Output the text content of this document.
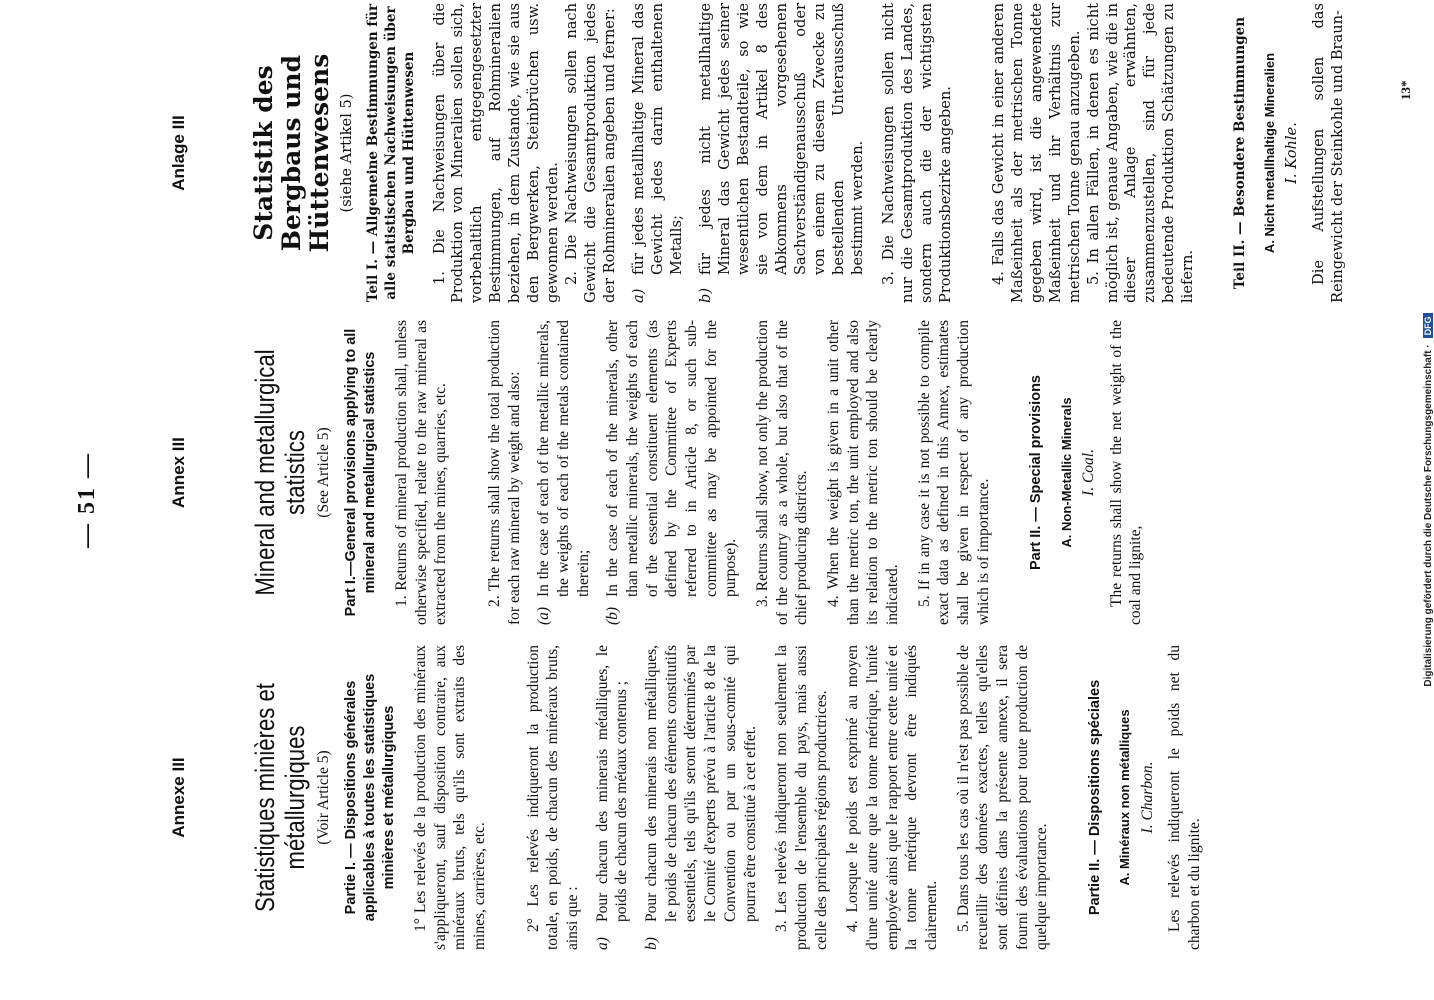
— 51 —
Annexe III Statistiques minières et métallurgiques (Voir Article 5) Partie I. — Dispositions générales applicables à toutes les statistiques minières et métallurgiques 1° Les relevés de la production des minéraux s'appliqueront, sauf disposition contraire, aux minéraux bruts, tels qu'ils sont extraits des mines, carrières, etc. 2° Les relevés indiqueront la production totale, en poids, de chacun des minéraux bruts, ainsi que : a)
Pour chacun des minerais métalliques, le poids de chacun des métaux contenus ;
b)
Pour chacun des minerais non métalliques, le poids de chacun des éléments constitutifs essentiels, tels qu'ils seront déterminés par le Comité d'experts prévu à l'article 8 de la Convention ou par un sous-comité qui pourra être constitué à cet effet. 3. Les relevés indiqueront non seulement la production de l'ensemble du pays, mais aussi celle des principales régions productrices. 4. Lorsque le poids est exprimé au moyen d'une unité autre que la tonne métrique, l'unité employée ainsi que le rapport entre cette unité et la tonne métrique devront être indiqués clairement. 5. Dans tous les cas où il n'est pas possible de recueillir des données exactes, telles qu'elles sont définies dans la présente annexe, il sera fourni des évaluations pour toute production de quelque importance.	Partie II. — Dispositions spéciales A. Minéraux non métalliques I. Charbon. Les relevés indiqueront le poids net du charbon et du lignite.

Annex III Mineral and metallurgical statistics (See Article 5) Part I.—General provisions applying to all mineral and metallurgical statistics 1. Returns of mineral production shall, unless otherwise specified, relate to the raw mineral as extracted from the mines, quarries, etc. 2. The returns shall show the total production for each raw mineral by weight and also: (a)
In the case of each of the metallic minerals, the weights of each of the metals contained therein;
(b)
In the case of each of the minerals, other than metallic minerals, the weights of each of the essential constituent elements (as defined by the Committee of Experts referred to in Article 8, or such sub-committee as may be appointed for the purpose). 3. Returns shall show, not only the production of the country as a whole, but also that of the chief producing districts. 4. When the weight is given in a unit other than the metric ton, the unit employed and also its relation to the metric ton should be clearly indicated. 5. If in any case it is not possible to compile exact data as defined in this Annex, estimates shall be given in respect of any production which is of importance.	Part II. — Special provisions A. Non-Metallic Minerals I. Coal. The returns shall show the net weight of the coal and lignite,

Anlage III Statistik des Bergbaus und Hüttenwesens (siehe Artikel 5) Teil I. — Allgemeine Bestimmungen für alle statistischen Nachweisungen über Bergbau und Hüttenwesen 1. Die Nachweisungen über die Produktion von Mineralien sollen sich, vorbehaltlich entgegengesetzter Bestimmungen, auf Rohmineralien beziehen, in dem Zustande, wie sie aus den Bergwerken, Steinbrüchen usw. gewonnen werden. 2. Die Nachweisungen sollen nach Gewicht die Gesamtproduktion jedes der Rohmineralien angeben und ferner: a)
für jedes metallhaltige Mineral das Gewicht jedes darin enthaltenen Metalls;
b)
für jedes nicht metallhaltige Mineral das Gewicht jedes seiner wesentlichen Bestandteile, so wie sie von dem in Artikel 8 des Abkommens vorgesehenen Sachverständigenausschuß oder von einem zu diesem Zwecke zu bestellenden Unterausschuß bestimmt werden. 3. Die Nachweisungen sollen nicht nur die Gesamtproduktion des Landes, sondern auch die der wichtigsten Produktionsbezirke angeben. 4. Falls das Gewicht in einer anderen Maßeinheit als der metrischen Tonne gegeben wird, ist die angewendete Maßeinheit und ihr Verhältnis zur metrischen Tonne genau anzugeben. 5. In allen Fällen, in denen es nicht möglich ist, genaue Angaben, wie die in dieser Anlage erwähnten, zusammenzustellen, sind für jede bedeutende Produktion Schätzungen zu liefern.	Teil II. — Besondere Bestimmungen A. Nicht metallhaltige Mineralien I. Kohle. Die Aufstellungen sollen das Reingewicht der Steinkohle und Braun-	13*
Digitalisierung gefördert durch die Deutsche Forschungsgemeinschaft ·
DFG
